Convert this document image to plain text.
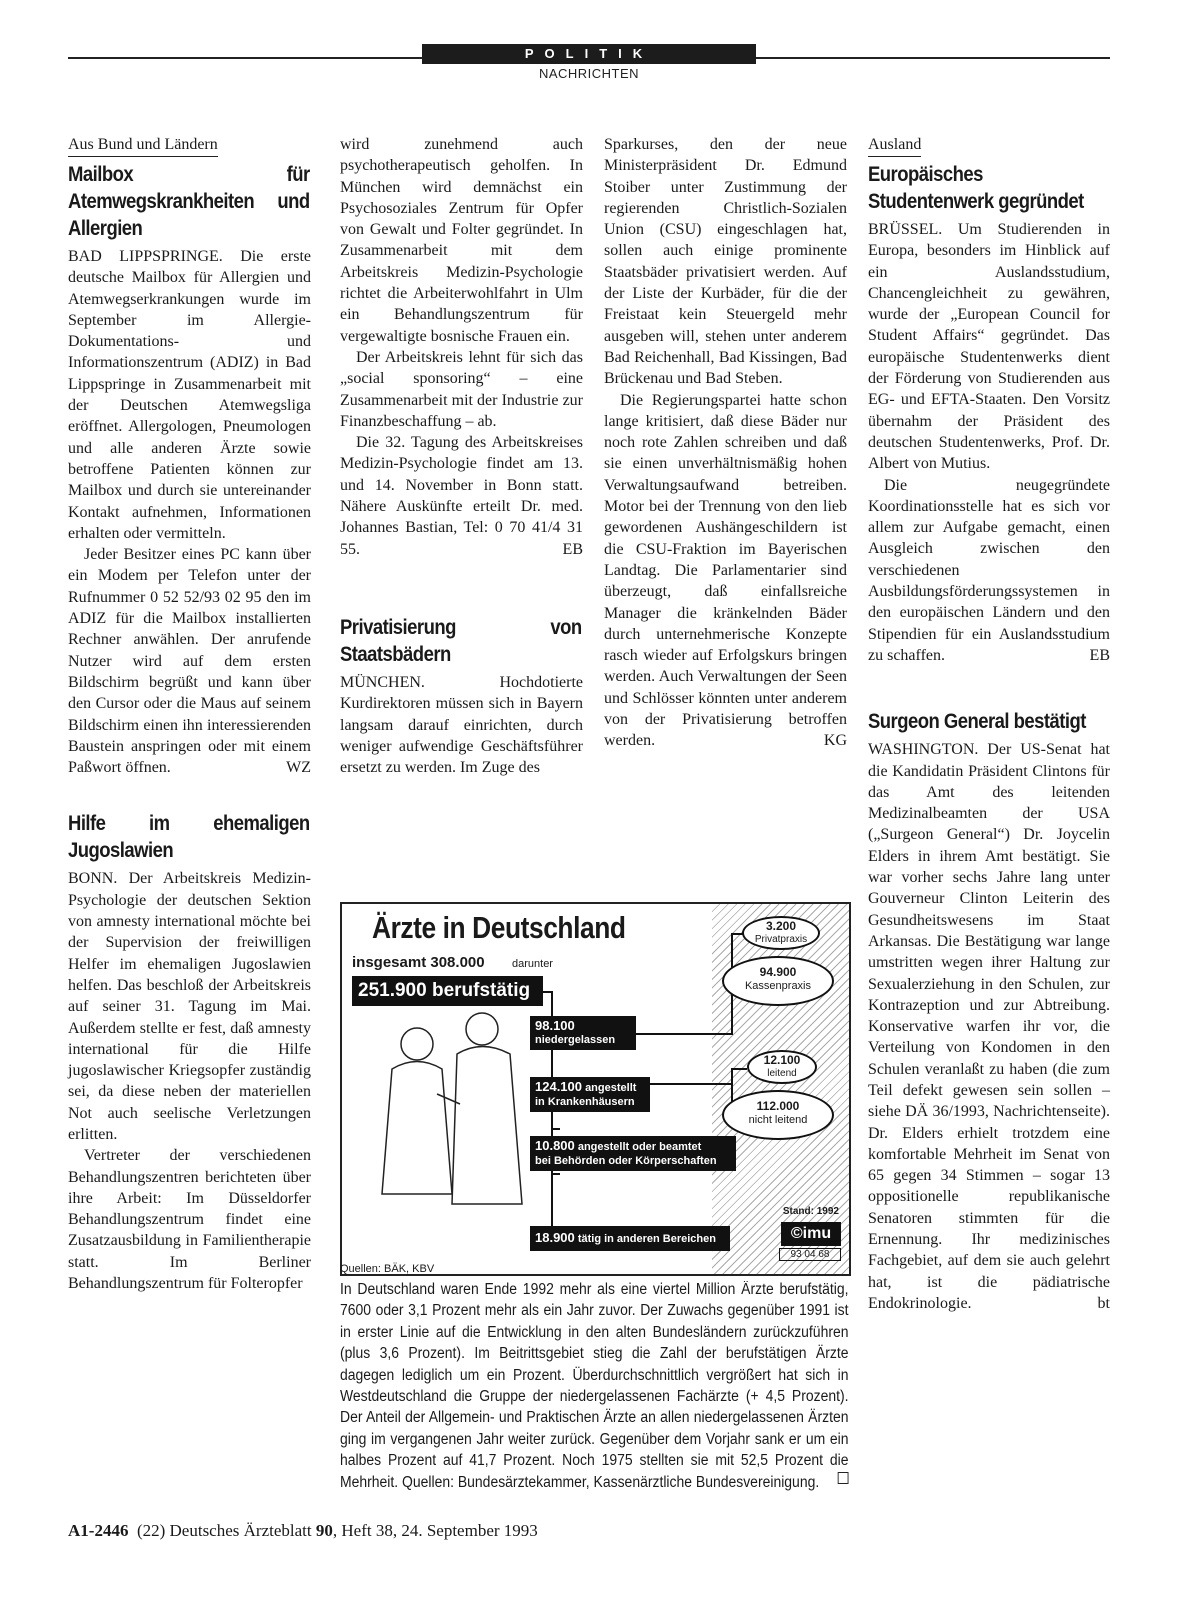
POLITIK
NACHRICHTEN
Aus Bund und Ländern
Mailbox für Atemwegskrankheiten und Allergien

BAD LIPPSPRINGE. Die erste deutsche Mailbox für Allergien und Atemwegserkrankungen wurde im September im Allergie-Dokumentations- und Informationszentrum (ADIZ) in Bad Lippspringe in Zusammenarbeit mit der Deutschen Atemwegsliga eröffnet. Allergologen, Pneumologen und alle anderen Ärzte sowie betroffene Patienten können zur Mailbox und durch sie untereinander Kontakt aufnehmen, Informationen erhalten oder vermitteln.

Jeder Besitzer eines PC kann über ein Modem per Telefon unter der Rufnummer 0 52 52/93 02 95 den im ADIZ für die Mailbox installierten Rechner anwählen. Der anrufende Nutzer wird auf dem ersten Bildschirm begrüßt und kann über den Cursor oder die Maus auf seinem Bildschirm einen ihn interessierenden Baustein anspringen oder mit einem Paßwort öffnen.	WZ

Hilfe im ehemaligen Jugoslawien

BONN. Der Arbeitskreis Medizin-Psychologie der deutschen Sektion von amnesty international möchte bei der Supervision der freiwilligen Helfer im ehemaligen Jugoslawien helfen. Das beschloß der Arbeitskreis auf seiner 31. Tagung im Mai. Außerdem stellte er fest, daß amnesty international für die Hilfe jugoslawischer Kriegsopfer zuständig sei, da diese neben der materiellen Not auch seelische Verletzungen erlitten.

Vertreter der verschiedenen Behandlungszentren berichteten über ihre Arbeit: Im Düsseldorfer Behandlungszentrum findet eine Zusatzausbildung in Familientherapie statt. Im Berliner Behandlungszentrum für Folteropfer

wird zunehmend auch psychotherapeutisch geholfen. In München wird demnächst ein Psychosoziales Zentrum für Opfer von Gewalt und Folter gegründet. In Zusammenarbeit mit dem Arbeitskreis Medizin-Psychologie richtet die Arbeiterwohlfahrt in Ulm ein Behandlungszentrum für vergewaltigte bosnische Frauen ein.

Der Arbeitskreis lehnt für sich das „social sponsoring“ – eine Zusammenarbeit mit der Industrie zur Finanzbeschaffung – ab.

Die 32. Tagung des Arbeitskreises Medizin-Psychologie findet am 13. und 14. November in Bonn statt. Nähere Auskünfte erteilt Dr. med. Johannes Bastian, Tel: 0 70 41/4 31 55.	EB

Privatisierung von Staatsbädern

MÜNCHEN. Hochdotierte Kurdirektoren müssen sich in Bayern langsam darauf einrichten, durch weniger aufwendige Geschäftsführer ersetzt zu werden. Im Zuge des

Sparkurses, den der neue Ministerpräsident Dr. Edmund Stoiber unter Zustimmung der regierenden Christlich-Sozialen Union (CSU) eingeschlagen hat, sollen auch einige prominente Staatsbäder privatisiert werden. Auf der Liste der Kurbäder, für die der Freistaat kein Steuergeld mehr ausgeben will, stehen unter anderem Bad Reichenhall, Bad Kissingen, Bad Brückenau und Bad Steben.

Die Regierungspartei hatte schon lange kritisiert, daß diese Bäder nur noch rote Zahlen schreiben und daß sie einen unverhältnismäßig hohen Verwaltungsaufwand betreiben. Motor bei der Trennung von den lieb gewordenen Aushängeschildern ist die CSU-Fraktion im Bayerischen Landtag. Die Parlamentarier sind überzeugt, daß einfallsreiche Manager die kränkelnden Bäder durch unternehmerische Konzepte rasch wieder auf Erfolgskurs bringen werden. Auch Verwaltungen der Seen und Schlösser könnten unter anderem von der Privatisierung betroffen werden.	KG

Ausland
Europäisches Studentenwerk gegründet

BRÜSSEL. Um Studierenden in Europa, besonders im Hinblick auf ein Auslandsstudium, Chancengleichheit zu gewähren, wurde der „European Council for Student Affairs“ gegründet. Das europäische Studentenwerks dient der Förderung von Studierenden aus EG- und EFTA-Staaten. Den Vorsitz übernahm der Präsident des deutschen Studentenwerks, Prof. Dr. Albert von Mutius.

Die neugegründete Koordinationsstelle hat es sich vor allem zur Aufgabe gemacht, einen Ausgleich zwischen den verschiedenen Ausbildungsförderungssystemen in den europäischen Ländern und den Stipendien für ein Auslandsstudium zu schaffen.	EB

Surgeon General bestätigt

WASHINGTON. Der US-Senat hat die Kandidatin Präsident Clintons für das Amt des leitenden Medizinalbeamten der USA („Surgeon General“) Dr. Joycelin Elders in ihrem Amt bestätigt. Sie war vorher sechs Jahre lang unter Gouverneur Clinton Leiterin des Gesundheitswesens im Staat Arkansas. Die Bestätigung war lange umstritten wegen ihrer Haltung zur Sexualerziehung in den Schulen, zur Kontrazeption und zur Abtreibung. Konservative warfen ihr vor, die Verteilung von Kondomen in den Schulen veranlaßt zu haben (die zum Teil defekt gewesen sein sollen – siehe DÄ 36/1993, Nachrichtenseite). Dr. Elders erhielt trotzdem eine komfortable Mehrheit im Senat von 65 gegen 34 Stimmen – sogar 13 oppositionelle republikanische Senatoren stimmten für die Ernennung. Ihr medizinisches Fachgebiet, auf dem sie auch gelehrt hat, ist die pädiatrische Endokrinologie.	bt

Ärzte in Deutschland
insgesamt 308.000 darunter
251.900 berufstätig
98.100
niedergelassen
124.100 angestellt
in Krankenhäusern
10.800 angestellt oder beamtet
bei Behörden oder Körperschaften
18.900 tätig in anderen Bereichen
3.200
Privatpraxis
94.900
Kassenpraxis
12.100
leitend
112.000
nicht leitend
Stand: 1992
©imu
93 04 68
Quellen: BÄK, KBV
In Deutschland waren Ende 1992 mehr als eine viertel Million Ärzte berufstätig, 7600 oder 3,1 Prozent mehr als ein Jahr zuvor. Der Zuwachs gegenüber 1991 ist in erster Linie auf die Entwicklung in den alten Bundesländern zurückzuführen (plus 3,6 Prozent). Im Beitrittsgebiet stieg die Zahl der berufstätigen Ärzte dagegen lediglich um ein Prozent. Überdurchschnittlich vergrößert hat sich in Westdeutschland die Gruppe der niedergelassenen Fachärzte (+ 4,5 Prozent). Der Anteil der Allgemein- und Praktischen Ärzte an allen niedergelassenen Ärzten ging im vergangenen Jahr weiter zurück. Gegenüber dem Vorjahr sank er um ein halbes Prozent auf 41,7 Prozent. Noch 1975 stellten sie mit 52,5 Prozent die Mehrheit. Quellen: Bundesärztekammer, Kassenärztliche Bundesvereinigung.
A1-2446 (22) Deutsches Ärzteblatt 90, Heft 38, 24. September 1993
